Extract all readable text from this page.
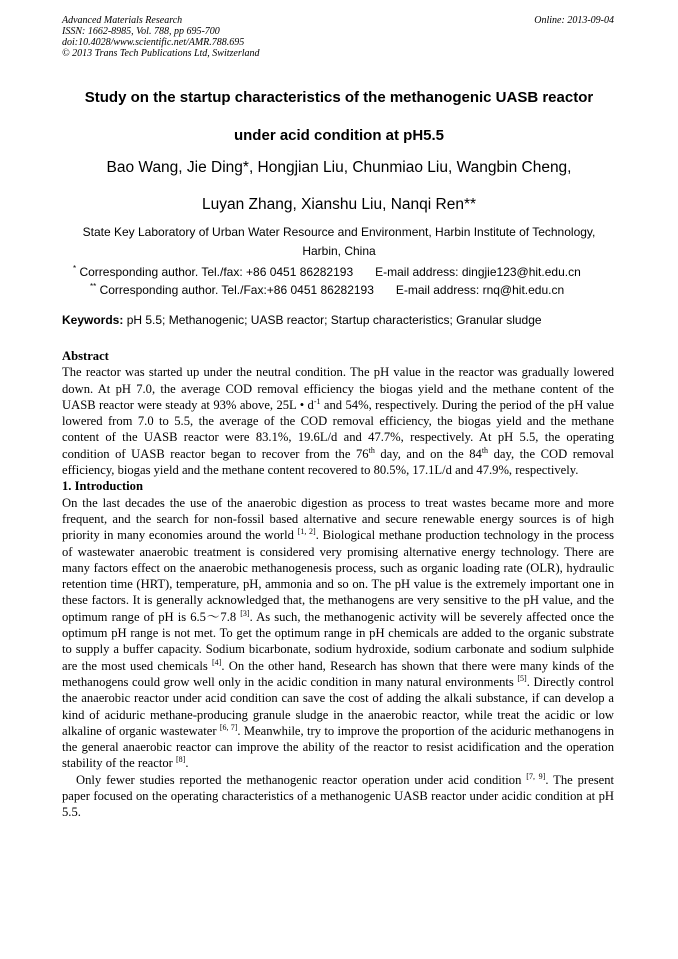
Advanced Materials Research
ISSN: 1662-8985, Vol. 788, pp 695-700
doi:10.4028/www.scientific.net/AMR.788.695
© 2013 Trans Tech Publications Ltd, Switzerland
Online: 2013-09-04
Study on the startup characteristics of the methanogenic UASB reactor
under acid condition at pH5.5
Bao Wang, Jie Ding*, Hongjian Liu, Chunmiao Liu, Wangbin Cheng,
Luyan Zhang, Xianshu Liu, Nanqi Ren**
State Key Laboratory of Urban Water Resource and Environment, Harbin Institute of Technology,
Harbin, China
* Corresponding author. Tel./fax: +86 0451 86282193 E-mail address: dingjie123@hit.edu.cn
** Corresponding author. Tel./Fax:+86 0451 86282193 E-mail address: rnq@hit.edu.cn
Keywords: pH 5.5; Methanogenic; UASB reactor; Startup characteristics; Granular sludge
Abstract

The reactor was started up under the neutral condition. The pH value in the reactor was gradually lowered down. At pH 7.0, the average COD removal efficiency the biogas yield and the methane content of the UASB reactor were steady at 93% above, 25L • $d^{-1}$ and 54%, respectively. During the period of the pH value lowered from 7.0 to 5.5, the average of the COD removal efficiency, the biogas yield and the methane content of the UASB reactor were 83.1%, 19.6L/d and 47.7%, respectively. At pH 5.5, the operating condition of UASB reactor began to recover from the 76th day, and on the 84th day, the COD removal efficiency, biogas yield and the methane content recovered to 80.5%, 17.1L/d and 47.9%, respectively.

1. Introduction

On the last decades the use of the anaerobic digestion as process to treat wastes became more and more frequent, and the search for non-fossil based alternative and secure renewable energy sources is of high priority in many economies around the world [1, 2]. Biological methane production technology in the process of wastewater anaerobic treatment is considered very promising alternative energy technology. There are many factors effect on the anaerobic methanogenesis process, such as organic loading rate (OLR), hydraulic retention time (HRT), temperature, pH, ammonia and so on. The pH value is the extremely important one in these factors. It is generally acknowledged that, the methanogens are very sensitive to the pH value, and the optimum range of pH is 6.5～7.8 [3]. As such, the methanogenic activity will be severely affected once the optimum pH range is not met. To get the optimum range in pH chemicals are added to the organic substrate to supply a buffer capacity. Sodium bicarbonate, sodium hydroxide, sodium carbonate and sodium sulphide are the most used chemicals [4]. On the other hand, Research has shown that there were many kinds of the methanogens could grow well only in the acidic condition in many natural environments [5]. Directly control the anaerobic reactor under acid condition can save the cost of adding the alkali substance, if can develop a kind of aciduric methane-producing granule sludge in the anaerobic reactor, while treat the acidic or low alkaline of organic wastewater [6, 7]. Meanwhile, try to improve the proportion of the aciduric methanogens in the general anaerobic reactor can improve the ability of the reactor to resist acidification and the operation stability of the reactor [8].

Only fewer studies reported the methanogenic reactor operation under acid condition [7, 9]. The present paper focused on the operating characteristics of a methanogenic UASB reactor under acidic condition at pH 5.5.
